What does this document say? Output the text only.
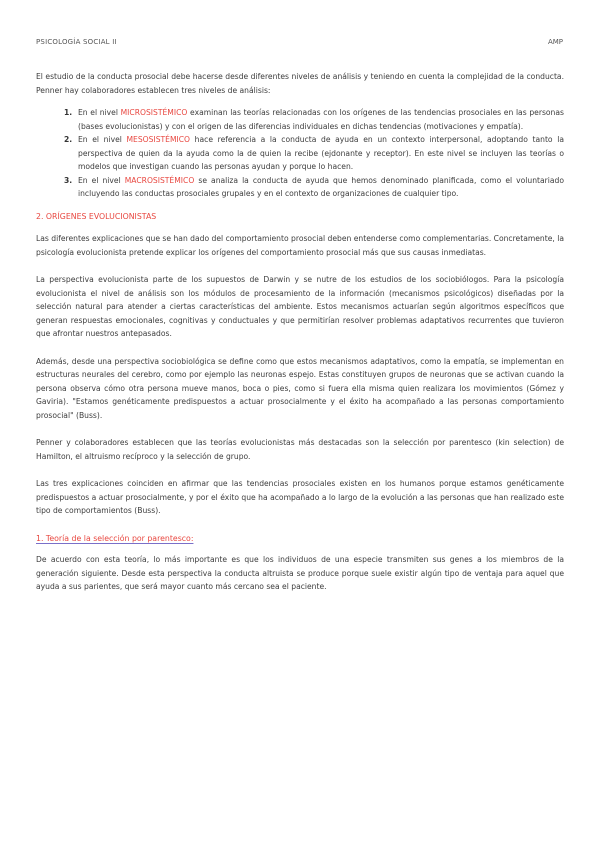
PSICOLOGÍA SOCIAL II	AMP

El estudio de la conducta prosocial debe hacerse desde diferentes niveles de análisis y teniendo en cuenta la complejidad de la conducta. Penner hay colaboradores establecen tres niveles de análisis:

1. En el nivel MICROSISTÉMICO examinan las teorías relacionadas con los orígenes de las tendencias prosociales en las personas (bases evolucionistas) y con el origen de las diferencias individuales en dichas tendencias (motivaciones y empatía).
2. En el nivel MESOSISTÉMICO hace referencia a la conducta de ayuda en un contexto interpersonal, adoptando tanto la perspectiva de quien da la ayuda como la de quien la recibe (ejdonante y receptor). En este nivel se incluyen las teorías o modelos que investigan cuando las personas ayudan y porque lo hacen.
3. En el nivel MACROSISTÉMICO se analiza la conducta de ayuda que hemos denominado planificada, como el voluntariado incluyendo las conductas prosociales grupales y en el contexto de organizaciones de cualquier tipo.
2. ORÍGENES EVOLUCIONISTAS

Las diferentes explicaciones que se han dado del comportamiento prosocial deben entenderse como complementarias. Concretamente, la psicología evolucionista pretende explicar los orígenes del comportamiento prosocial más que sus causas inmediatas.

La perspectiva evolucionista parte de los supuestos de Darwin y se nutre de los estudios de los sociobiólogos. Para la psicología evolucionista el nivel de análisis son los módulos de procesamiento de la información (mecanismos psicológicos) diseñadas por la selección natural para atender a ciertas características del ambiente. Estos mecanismos actuarían según algoritmos específicos que generan respuestas emocionales, cognitivas y conductuales y que permitirían resolver problemas adaptativos recurrentes que tuvieron que afrontar nuestros antepasados.

Además, desde una perspectiva sociobiológica se define como que estos mecanismos adaptativos, como la empatía, se implementan en estructuras neurales del cerebro, como por ejemplo las neuronas espejo. Estas constituyen grupos de neuronas que se activan cuando la persona observa cómo otra persona mueve manos, boca o pies, como si fuera ella misma quien realizara los movimientos (Gómez y Gaviria). "Estamos genéticamente predispuestos a actuar prosocialmente y el éxito ha acompañado a las personas comportamiento prosocial" (Buss).

Penner y colaboradores establecen que las teorías evolucionistas más destacadas son la selección por parentesco (kin selection) de Hamilton, el altruismo recíproco y la selección de grupo.

Las tres explicaciones coinciden en afirmar que las tendencias prosociales existen en los humanos porque estamos genéticamente predispuestos a actuar prosocialmente, y por el éxito que ha acompañado a lo largo de la evolución a las personas que han realizado este tipo de comportamientos (Buss).

1. Teoría de la selección por parentesco:

De acuerdo con esta teoría, lo más importante es que los individuos de una especie transmiten sus genes a los miembros de la generación siguiente. Desde esta perspectiva la conducta altruista se produce porque suele existir algún tipo de ventaja para aquel que ayuda a sus parientes, que será mayor cuanto más cercano sea el paciente.
